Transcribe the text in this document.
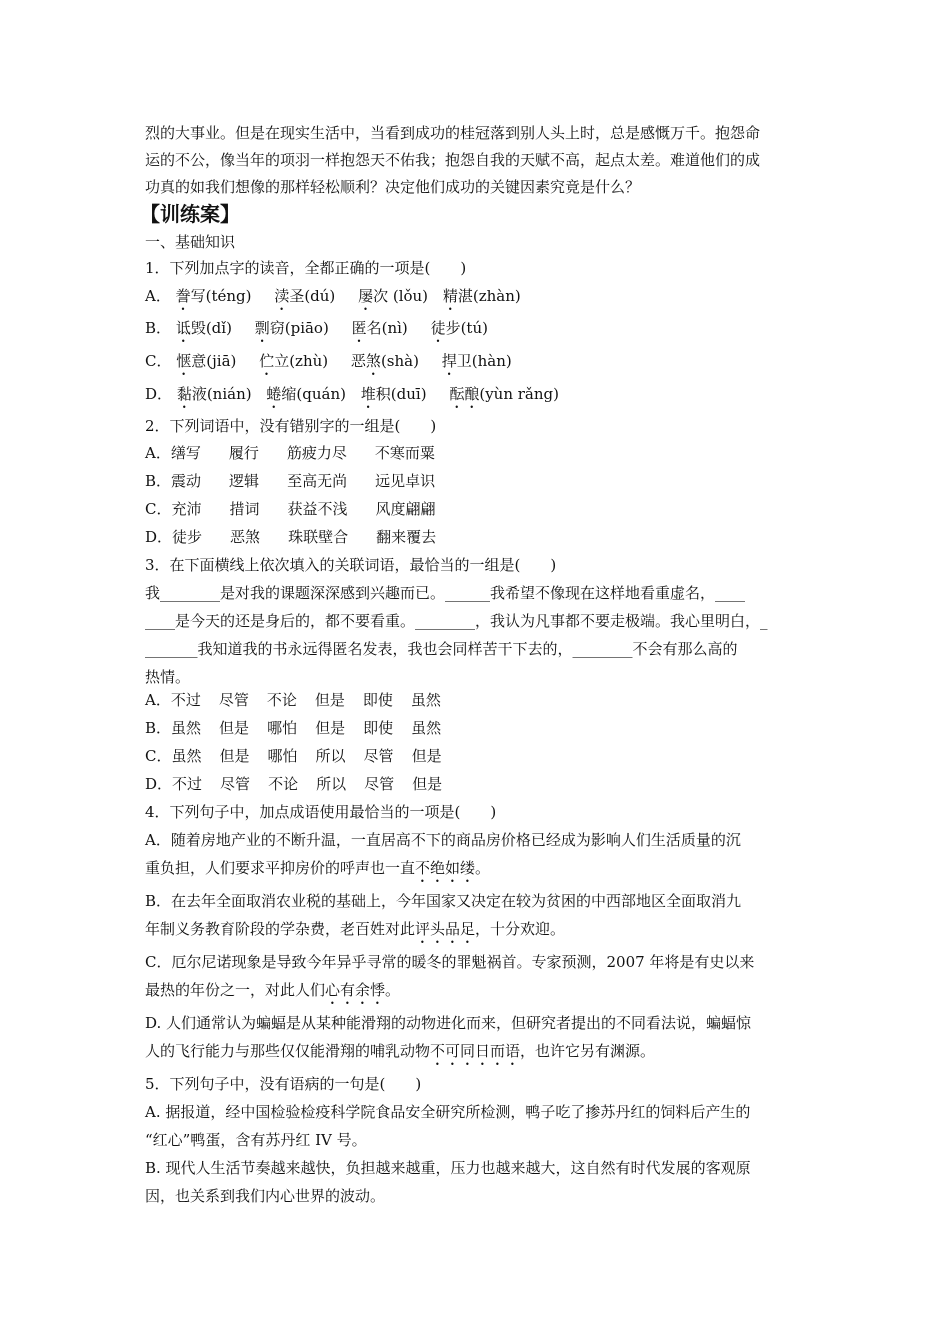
烈的大事业。但是在现实生活中，当看到成功的桂冠落到别人头上时，总是感慨万千。抱怨命
运的不公，像当年的项羽一样抱怨天不佑我；抱怨自我的天赋不高，起点太差。难道他们的成
功真的如我们想像的那样轻松顺利？决定他们成功的关键因素究竟是什么？
【训练案】
一、基础知识
1．下列加点字的读音，全都正确的一项是(　　)
A． 誊写(téng) 渎圣(dú) 屡次 (lǒu) 精湛(zhàn)
B． 诋毁(dǐ) 剽窃(piāo) 匿名(nì) 徒步(tú)
C． 惬意(jiā) 伫立(zhù) 恶煞(shà) 捍卫(hàn)
D． 黏液(nián) 蜷缩(quán) 堆积(duī) 酝酿(yùn rǎng)
2．下列词语中，没有错别字的一组是(　　)
A．缮写 履行 筋疲力尽 不寒而粟
B．震动 逻辑 至高无尚 远见卓识
C．充沛 措词 获益不浅 风度翩翩
D．徒步 恶煞 珠联壁合 翻来覆去
3．在下面横线上依次填入的关联词语，最恰当的一组是(　　)
我________是对我的课题深深感到兴趣而已。______我希望不像现在这样地看重虚名，____
____是今天的还是身后的，都不要看重。________，我认为凡事都不要走极端。我心里明白，_
_______我知道我的书永远得匿名发表，我也会同样苦干下去的，________不会有那么高的
热情。
A．不过 尽管 不论 但是 即使 虽然
B．虽然 但是 哪怕 但是 即使 虽然
C．虽然 但是 哪怕 所以 尽管 但是
D．不过 尽管 不论 所以 尽管 但是
4．下列句子中，加点成语使用最恰当的一项是(　　)
A．随着房地产业的不断升温，一直居高不下的商品房价格已经成为影响人们生活质量的沉
重负担，人们要求平抑房价的呼声也一直不绝如缕。
B．在去年全面取消农业税的基础上，今年国家又决定在较为贫困的中西部地区全面取消九
年制义务教育阶段的学杂费，老百姓对此评头品足，十分欢迎。
C．厄尔尼诺现象是导致今年异乎寻常的暖冬的罪魁祸首。专家预测，2007 年将是有史以来
最热的年份之一，对此人们心有余悸。
D. 人们通常认为蝙蝠是从某种能滑翔的动物进化而来，但研究者提出的不同看法说，蝙蝠惊
人的飞行能力与那些仅仅能滑翔的哺乳动物不可同日而语，也许它另有渊源。
5．下列句子中，没有语病的一句是(　　)
A. 据报道，经中国检验检疫科学院食品安全研究所检测，鸭子吃了掺苏丹红的饲料后产生的
“红心”鸭蛋，含有苏丹红 IV 号。
B. 现代人生活节奏越来越快，负担越来越重，压力也越来越大，这自然有时代发展的客观原
因，也关系到我们内心世界的波动。
